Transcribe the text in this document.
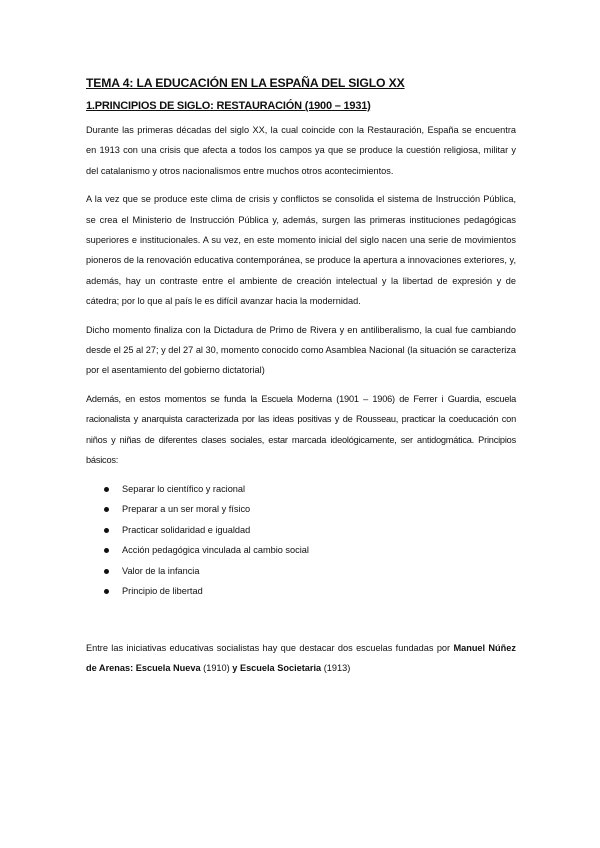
TEMA 4: LA EDUCACIÓN EN LA ESPAÑA DEL SIGLO XX
1.PRINCIPIOS DE SIGLO: RESTAURACIÓN (1900 – 1931)

Durante las primeras décadas del siglo XX, la cual coincide con la Restauración, España se encuentra en 1913 con una crisis que afecta a todos los campos ya que se produce la cuestión religiosa, militar y del catalanismo y otros nacionalismos entre muchos otros acontecimientos.

A la vez que se produce este clima de crisis y conflictos se consolida el sistema de Instrucción Pública, se crea el Ministerio de Instrucción Pública y, además, surgen las primeras instituciones pedagógicas superiores e institucionales. A su vez, en este momento inicial del siglo nacen una serie de movimientos pioneros de la renovación educativa contemporánea, se produce la apertura a innovaciones exteriores, y, además, hay un contraste entre el ambiente de creación intelectual y la libertad de expresión y de cátedra; por lo que al país le es difícil avanzar hacia la modernidad.

Dicho momento finaliza con la Dictadura de Primo de Rivera y en antiliberalismo, la cual fue cambiando desde el 25 al 27; y del 27 al 30, momento conocido como Asamblea Nacional (la situación se caracteriza por el asentamiento del gobierno dictatorial)

Además, en estos momentos se funda la Escuela Moderna (1901 – 1906) de Ferrer i Guardia, escuela racionalista y anarquista caracterizada por las ideas positivas y de Rousseau, practicar la coeducación con niños y niñas de diferentes clases sociales, estar marcada ideológicamente, ser antidogmática. Principios básicos:

Separar lo científico y racional
Preparar a un ser moral y físico
Practicar solidaridad e igualdad
Acción pedagógica vinculada al cambio social
Valor de la infancia
Principio de libertad

Entre las iniciativas educativas socialistas hay que destacar dos escuelas fundadas por Manuel Núñez de Arenas: Escuela Nueva (1910) y Escuela Societaria (1913)
